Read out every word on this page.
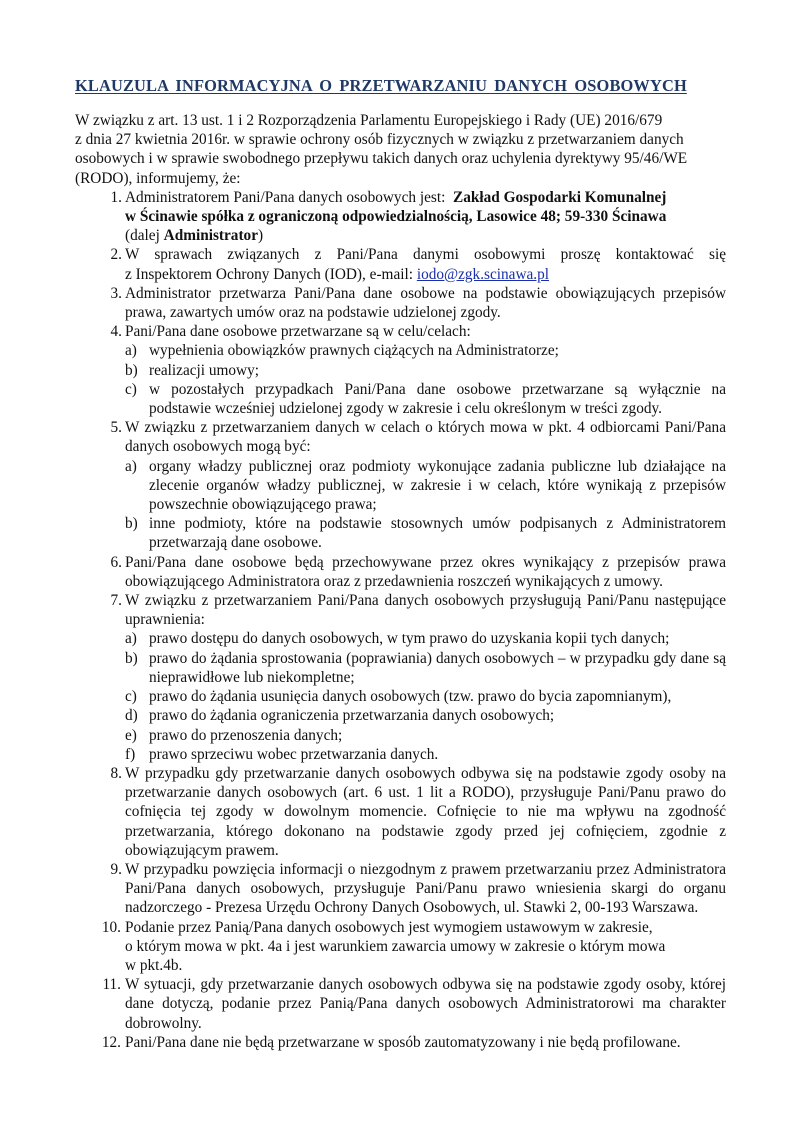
KLAUZULA INFORMACYJNA O PRZETWARZANIU DANYCH OSOBOWYCH

W związku z art. 13 ust. 1 i 2 Rozporządzenia Parlamentu Europejskiego i Rady (UE) 2016/679
z dnia 27 kwietnia 2016r. w sprawie ochrony osób fizycznych w związku z przetwarzaniem danych
osobowych i w sprawie swobodnego przepływu takich danych oraz uchylenia dyrektywy 95/46/WE
(RODO), informujemy, że:

1. Administratorem Pani/Pana danych osobowych jest: Zakład Gospodarki Komunalnej
w Ścinawie spółka z ograniczoną odpowiedzialnością, Lasowice 48; 59-330 Ścinawa
(dalej Administrator)
2. W sprawach związanych z Pani/Pana danymi osobowymi proszę kontaktować się
z Inspektorem Ochrony Danych (IOD), e-mail: iodo@zgk.scinawa.pl
3. Administrator przetwarza Pani/Pana dane osobowe na podstawie obowiązujących przepisów prawa, zawartych umów oraz na podstawie udzielonej zgody.
4. Pani/Pana dane osobowe przetwarzane są w celu/celach:
a) wypełnienia obowiązków prawnych ciążących na Administratorze;
b) realizacji umowy;
c) w pozostałych przypadkach Pani/Pana dane osobowe przetwarzane są wyłącznie na podstawie wcześniej udzielonej zgody w zakresie i celu określonym w treści zgody.
5. W związku z przetwarzaniem danych w celach o których mowa w pkt. 4 odbiorcami Pani/Pana danych osobowych mogą być:
a) organy władzy publicznej oraz podmioty wykonujące zadania publiczne lub działające na zlecenie organów władzy publicznej, w zakresie i w celach, które wynikają z przepisów powszechnie obowiązującego prawa;
b) inne podmioty, które na podstawie stosownych umów podpisanych z Administratorem przetwarzają dane osobowe.
6. Pani/Pana dane osobowe będą przechowywane przez okres wynikający z przepisów prawa obowiązującego Administratora oraz z przedawnienia roszczeń wynikających z umowy.
7. W związku z przetwarzaniem Pani/Pana danych osobowych przysługują Pani/Panu następujące uprawnienia:
a) prawo dostępu do danych osobowych, w tym prawo do uzyskania kopii tych danych;
b) prawo do żądania sprostowania (poprawiania) danych osobowych – w przypadku gdy dane są nieprawidłowe lub niekompletne;
c) prawo do żądania usunięcia danych osobowych (tzw. prawo do bycia zapomnianym),
d) prawo do żądania ograniczenia przetwarzania danych osobowych;
e) prawo do przenoszenia danych;
f) prawo sprzeciwu wobec przetwarzania danych.
8. W przypadku gdy przetwarzanie danych osobowych odbywa się na podstawie zgody osoby na przetwarzanie danych osobowych (art. 6 ust. 1 lit a RODO), przysługuje Pani/Panu prawo do cofnięcia tej zgody w dowolnym momencie. Cofnięcie to nie ma wpływu na zgodność przetwarzania, którego dokonano na podstawie zgody przed jej cofnięciem, zgodnie z obowiązującym prawem.
9. W przypadku powzięcia informacji o niezgodnym z prawem przetwarzaniu przez Administratora Pani/Pana danych osobowych, przysługuje Pani/Panu prawo wniesienia skargi do organu nadzorczego - Prezesa Urzędu Ochrony Danych Osobowych, ul. Stawki 2, 00-193 Warszawa.
10. Podanie przez Panią/Pana danych osobowych jest wymogiem ustawowym w zakresie,
o którym mowa w pkt. 4a i jest warunkiem zawarcia umowy w zakresie o którym mowa
w pkt.4b.
11. W sytuacji, gdy przetwarzanie danych osobowych odbywa się na podstawie zgody osoby, której dane dotyczą, podanie przez Panią/Pana danych osobowych Administratorowi ma charakter dobrowolny.
12. Pani/Pana dane nie będą przetwarzane w sposób zautomatyzowany i nie będą profilowane.
